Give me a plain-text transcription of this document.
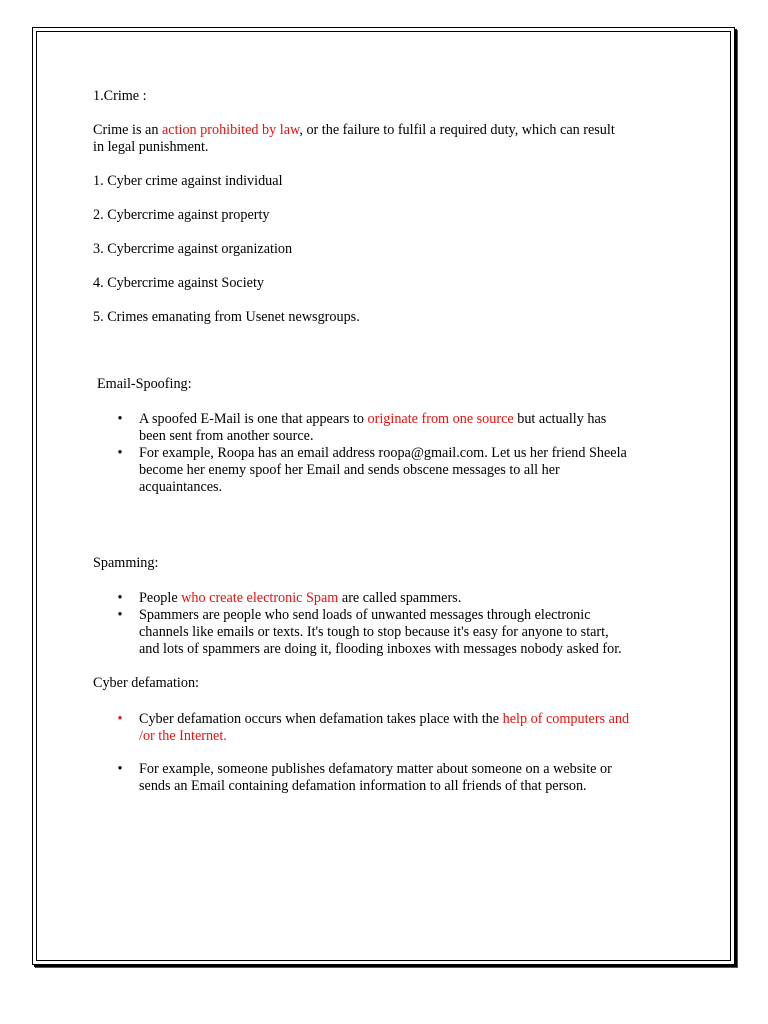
1.Crime :

Crime is an action prohibited by law, or the failure to fulfil a required duty, which can result
in legal punishment.

1. Cyber crime against individual

2. Cybercrime against property

3. Cybercrime against organization

4. Cybercrime against Society

5. Crimes emanating from Usenet newsgroups.

Email-Spoofing:

• A spoofed E-Mail is one that appears to originate from one source but actually has
been sent from another source.
• For example, Roopa has an email address roopa@gmail.com. Let us her friend Sheela
become her enemy spoof her Email and sends obscene messages to all her
acquaintances.

Spamming:

• People who create electronic Spam are called spammers.
• Spammers are people who send loads of unwanted messages through electronic
channels like emails or texts. It's tough to stop because it's easy for anyone to start,
and lots of spammers are doing it, flooding inboxes with messages nobody asked for.

Cyber defamation:

• Cyber defamation occurs when defamation takes place with the help of computers and
/or the Internet.
• For example, someone publishes defamatory matter about someone on a website or
sends an Email containing defamation information to all friends of that person.
